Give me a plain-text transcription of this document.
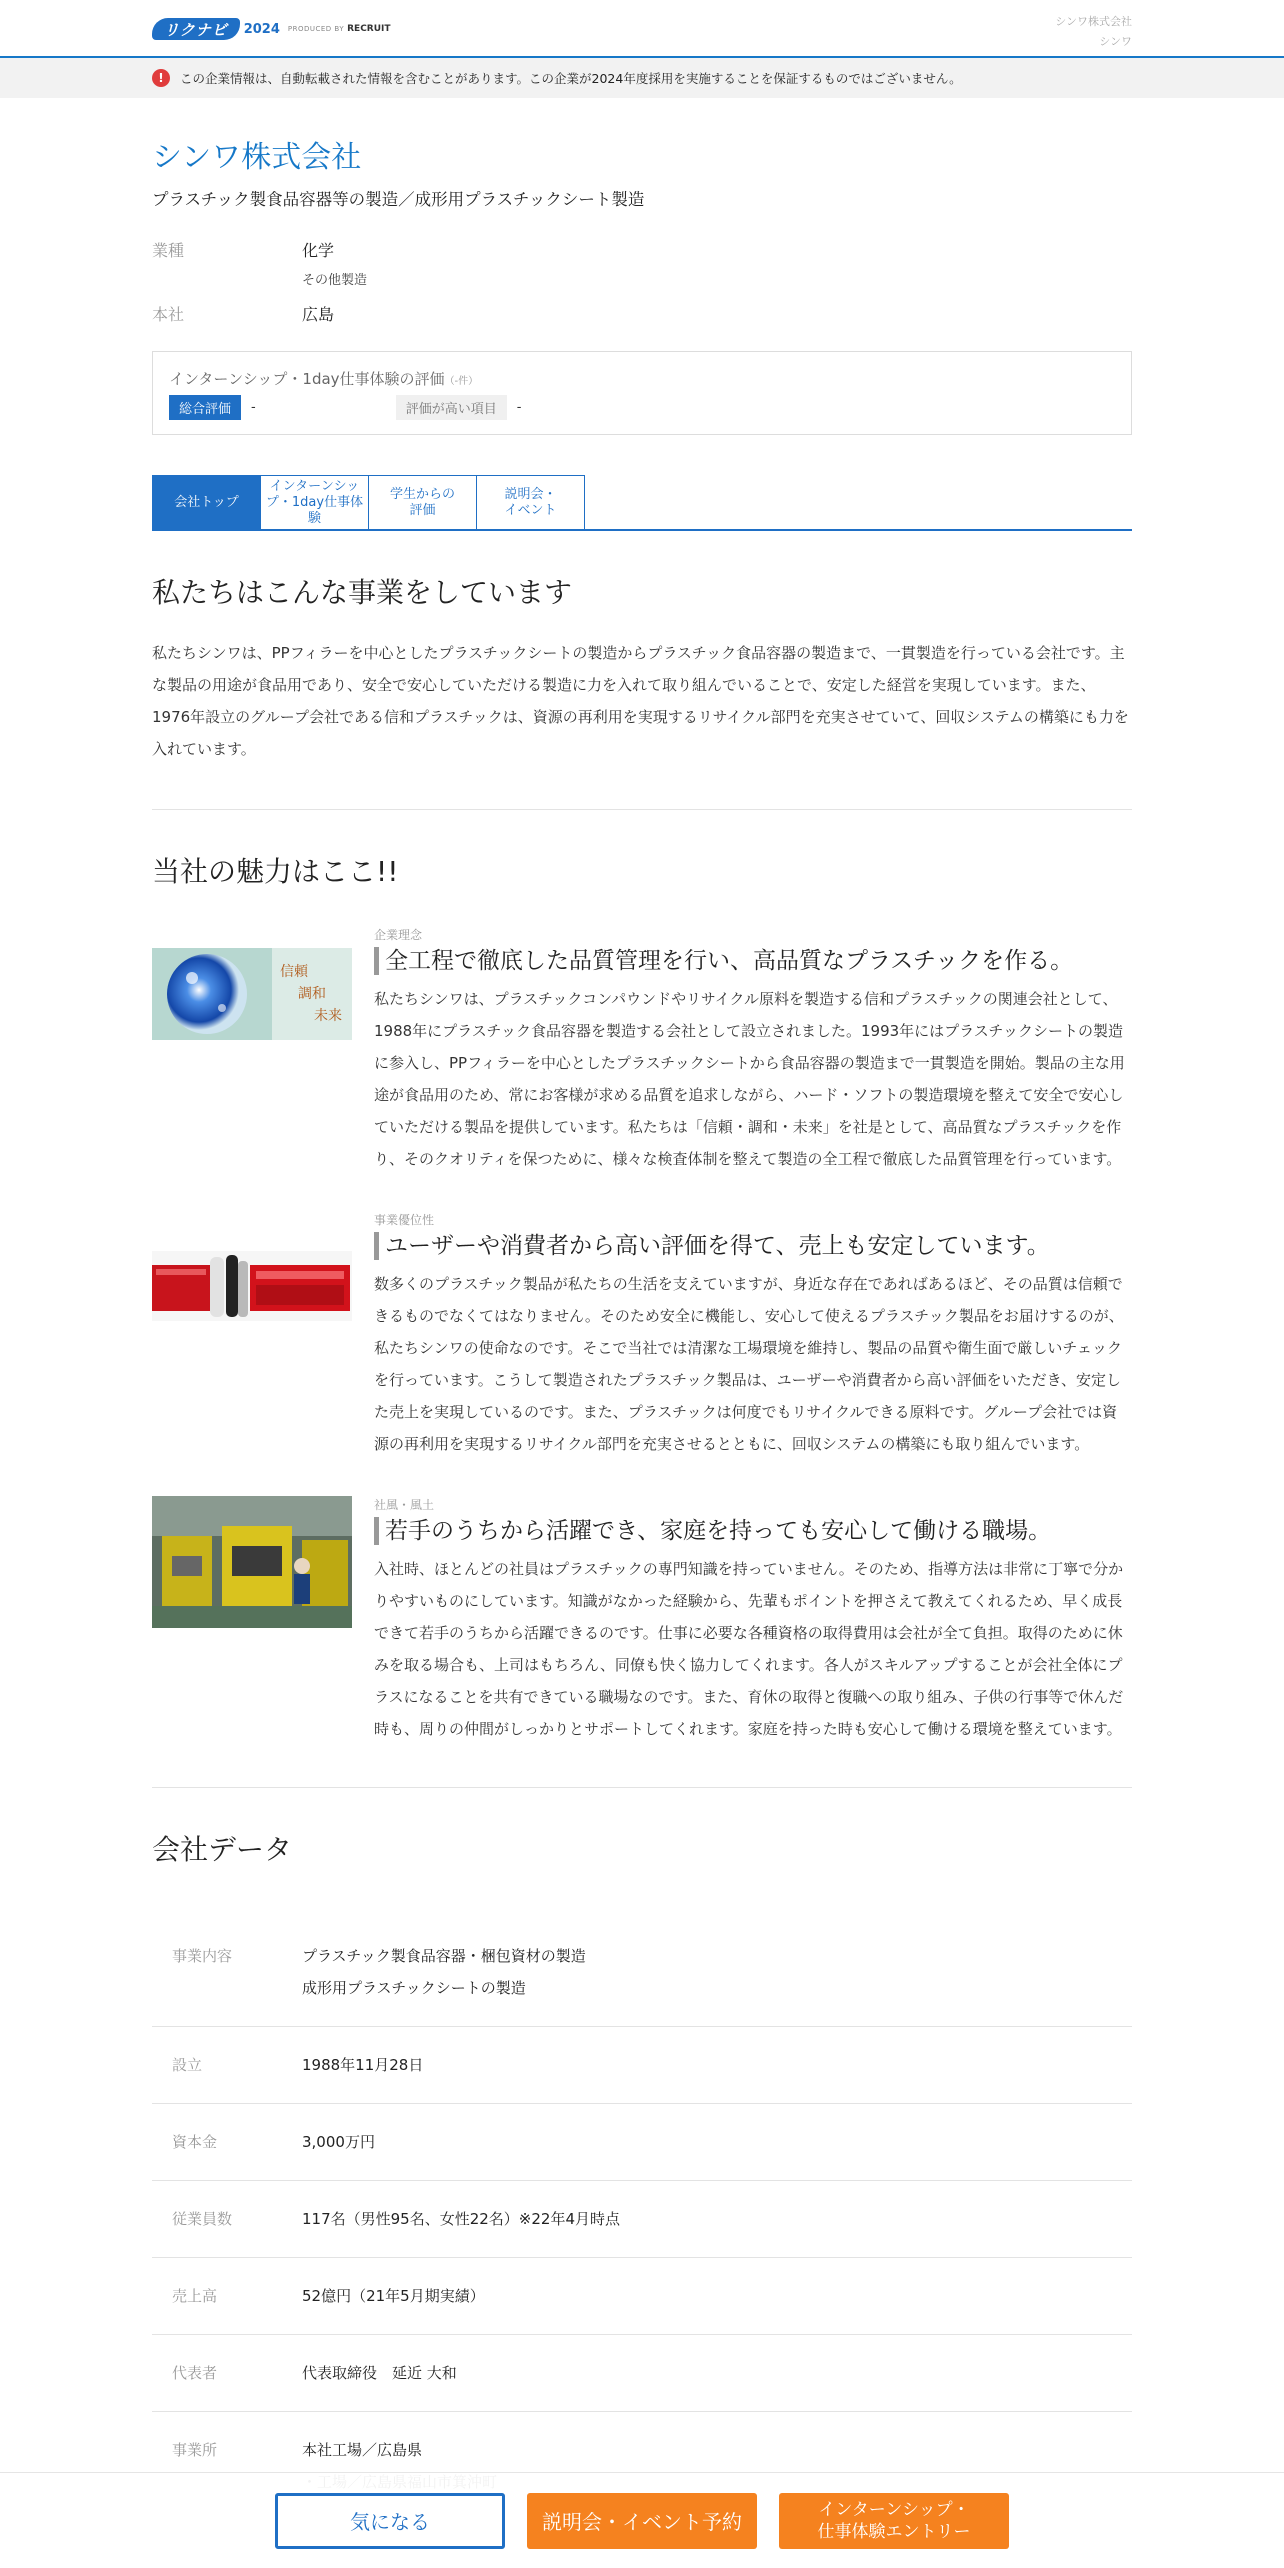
リクナビ	2024 PRODUCED BY RECRUIT
シンワ株式会社
シンワ
!	この企業情報は、自動転載された情報を含むことがあります。この企業が2024年度採用を実施することを保証するものではございません。
シンワ株式会社
プラスチック製食品容器等の製造／成形用プラスチックシート製造
業種	化学
その他製造
本社	広島
インターンシップ・1day仕事体験の評価（-件）
総合評価	-	評価が高い項目	-
会社トップ
インターンシップ・1day仕事体験
学生からの評価
説明会・イベント
私たちはこんな事業をしています

私たちシンワは、PPフィラーを中心としたプラスチックシートの製造からプラスチック食品容器の製造まで、一貫製造を行っている会社です。主な製品の用途が食品用であり、安全で安心していただける製造に力を入れて取り組んでいることで、安定した経営を実現しています。また、1976年設立のグループ会社である信和プラスチックは、資源の再利用を実現するリサイクル部門を充実させていて、回収システムの構築にも力を入れています。

当社の魅力はここ!!
信頼
調和
未来
企業理念
全工程で徹底した品質管理を行い、高品質なプラスチックを作る。

私たちシンワは、プラスチックコンパウンドやリサイクル原料を製造する信和プラスチックの関連会社として、1988年にプラスチック食品容器を製造する会社として設立されました。1993年にはプラスチックシートの製造に参入し、PPフィラーを中心としたプラスチックシートから食品容器の製造まで一貫製造を開始。製品の主な用途が食品用のため、常にお客様が求める品質を追求しながら、ハード・ソフトの製造環境を整えて安全で安心していただける製品を提供しています。私たちは「信頼・調和・未来」を社是として、高品質なプラスチックを作り、そのクオリティを保つために、様々な検査体制を整えて製造の全工程で徹底した品質管理を行っています。

事業優位性
ユーザーや消費者から高い評価を得て、売上も安定しています。

数多くのプラスチック製品が私たちの生活を支えていますが、身近な存在であればあるほど、その品質は信頼できるものでなくてはなりません。そのため安全に機能し、安心して使えるプラスチック製品をお届けするのが、私たちシンワの使命なのです。そこで当社では清潔な工場環境を維持し、製品の品質や衛生面で厳しいチェックを行っています。こうして製造されたプラスチック製品は、ユーザーや消費者から高い評価をいただき、安定した売上を実現しているのです。また、プラスチックは何度でもリサイクルできる原料です。グループ会社では資源の再利用を実現するリサイクル部門を充実させるとともに、回収システムの構築にも取り組んでいます。

社風・風土
若手のうちから活躍でき、家庭を持っても安心して働ける職場。

入社時、ほとんどの社員はプラスチックの専門知識を持っていません。そのため、指導方法は非常に丁寧で分かりやすいものにしています。知識がなかった経験から、先輩もポイントを押さえて教えてくれるため、早く成長できて若手のうちから活躍できるのです。仕事に必要な各種資格の取得費用は会社が全て負担。取得のために休みを取る場合も、上司はもちろん、同僚も快く協力してくれます。各人がスキルアップすることが会社全体にプラスになることを共有できている職場なのです。また、育休の取得と復職への取り組み、子供の行事等で休んだ時も、周りの仲間がしっかりとサポートしてくれます。家庭を持った時も安心して働ける環境を整えています。

会社データ
事業内容	プラスチック製食品容器・梱包資材の製造
成形用プラスチックシートの製造
設立	1988年11月28日
資本金	3,000万円
従業員数	117名（男性95名、女性22名）※22年4月時点
売上高	52億円（21年5月期実績）
代表者	代表取締役　延近 大和
事業所	本社工場／広島県
気になる	説明会・イベント予約
インターンシップ・
仕事体験エントリー
